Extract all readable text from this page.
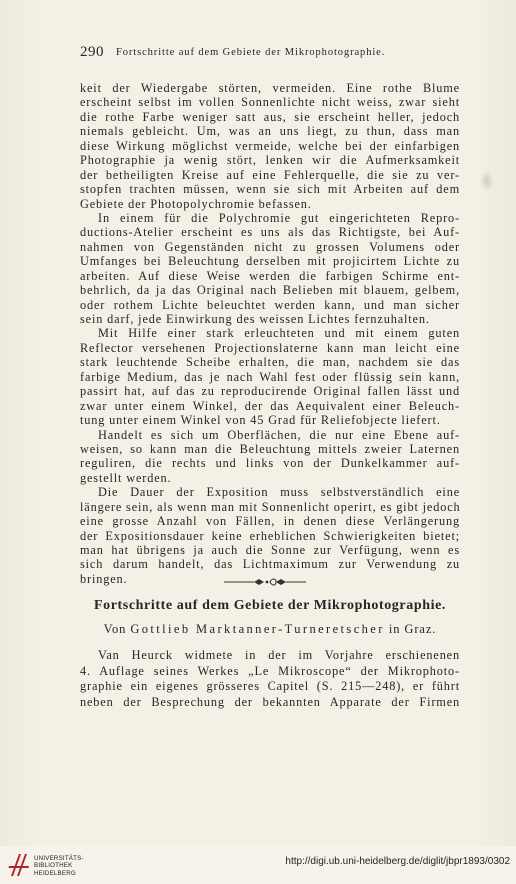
290 Fortschritte auf dem Gebiete der Mikrophotographie.
keit der Wiedergabe störten, vermeiden. Eine rothe Blume
erscheint selbst im vollen Sonnenlichte nicht weiss, zwar sieht
die rothe Farbe weniger satt aus, sie erscheint heller, jedoch
niemals gebleicht. Um, was an uns liegt, zu thun, dass man
diese Wirkung möglichst vermeide, welche bei der einfarbigen
Photographie ja wenig stört, lenken wir die Aufmerksamkeit
der betheiligten Kreise auf eine Fehlerquelle, die sie zu ver-
stopfen trachten müssen, wenn sie sich mit Arbeiten auf dem
Gebiete der Photopolychromie befassen.
In einem für die Polychromie gut eingerichteten Repro-
ductions-Atelier erscheint es uns als das Richtigste, bei Auf-
nahmen von Gegenständen nicht zu grossen Volumens oder
Umfanges bei Beleuchtung derselben mit projicirtem Lichte zu
arbeiten. Auf diese Weise werden die farbigen Schirme ent-
behrlich, da ja das Original nach Belieben mit blauem, gelbem,
oder rothem Lichte beleuchtet werden kann, und man sicher
sein darf, jede Einwirkung des weissen Lichtes fernzuhalten.
Mit Hilfe einer stark erleuchteten und mit einem guten
Reflector versehenen Projectionslaterne kann man leicht eine
stark leuchtende Scheibe erhalten, die man, nachdem sie das
farbige Medium, das je nach Wahl fest oder flüssig sein kann,
passirt hat, auf das zu reproducirende Original fallen lässt und
zwar unter einem Winkel, der das Aequivalent einer Beleuch-
tung unter einem Winkel von 45 Grad für Reliefobjecte liefert.
Handelt es sich um Oberflächen, die nur eine Ebene auf-
weisen, so kann man die Beleuchtung mittels zweier Laternen
reguliren, die rechts und links von der Dunkelkammer auf-
gestellt werden.
Die Dauer der Exposition muss selbstverständlich eine
längere sein, als wenn man mit Sonnenlicht operirt, es gibt jedoch
eine grosse Anzahl von Fällen, in denen diese Verlängerung
der Expositionsdauer keine erheblichen Schwierigkeiten bietet;
man hat übrigens ja auch die Sonne zur Verfügung, wenn es
sich darum handelt, das Lichtmaximum zur Verwendung zu
bringen.
Fortschritte auf dem Gebiete der Mikrophotographie.
Von Gottlieb Marktanner-Turneretscher in Graz.
Van Heurck widmete in der im Vorjahre erschienenen
4. Auflage seines Werkes „Le Mikroscope“ der Mikrophoto-
graphie ein eigenes grösseres Capitel (S. 215—248), er führt
neben der Besprechung der bekannten Apparate der Firmen
UNIVERSITÄTS-
BIBLIOTHEK
HEIDELBERG
http://digi.ub.uni-heidelberg.de/diglit/jbpr1893/0302
